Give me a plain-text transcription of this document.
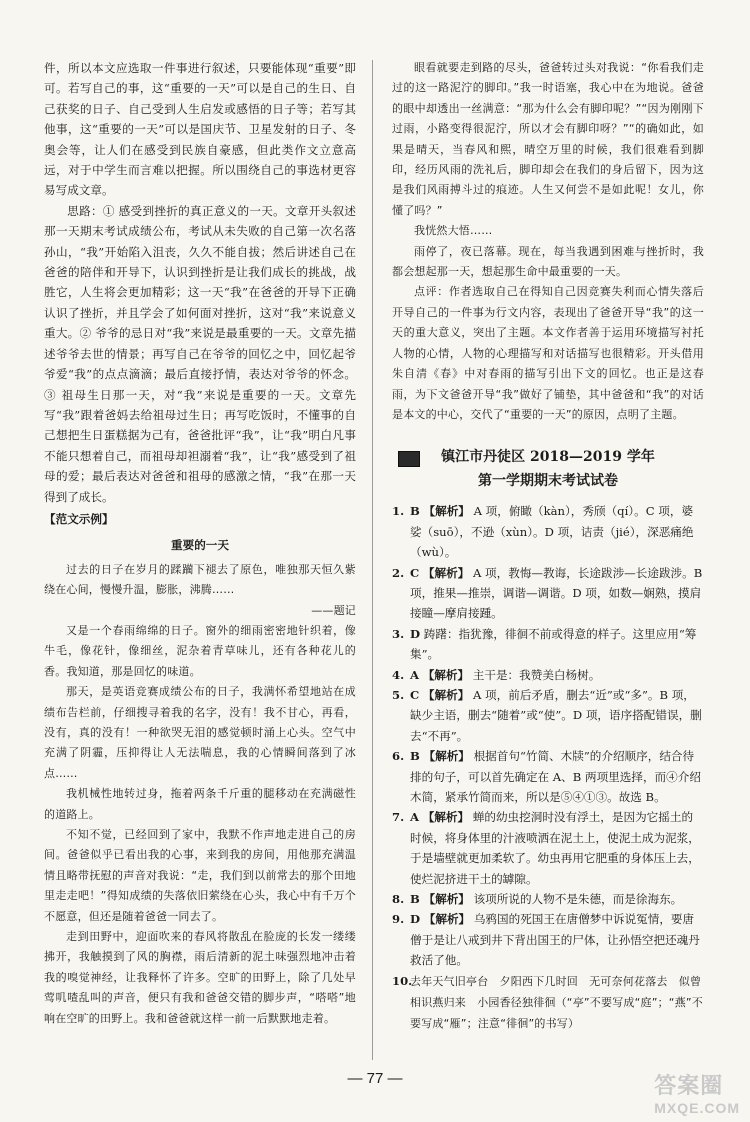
件，所以本文应选取一件事进行叙述，只要能体现“重要”即可。若写自己的事，这“重要的一天”可以是自己的生日、自己获奖的日子、自己受到人生启发或感悟的日子等；若写其他事，这“重要的一天”可以是国庆节、卫星发射的日子、冬奥会等，让人们在感受到民族自豪感，但此类作文立意高远，对于中学生而言难以把握。所以围绕自己的事选材更容易写成文章。

思路：① 感受到挫折的真正意义的一天。文章开头叙述那一天期末考试成绩公布，考试从未失败的自己第一次名落孙山，“我”开始陷入沮丧，久久不能自拔；然后讲述自己在爸爸的陪伴和开导下，认识到挫折是让我们成长的挑战，战胜它，人生将会更加精彩；这一天“我”在爸爸的开导下正确认识了挫折，并且学会了如何面对挫折，这对“我”来说意义重大。② 爷爷的忌日对“我”来说是最重要的一天。文章先描述爷爷去世的情景；再写自己在爷爷的回忆之中，回忆起爷爷爱“我”的点点滴滴；最后直接抒情，表达对爷爷的怀念。③ 祖母生日那一天，对“我”来说是重要的一天。文章先写“我”跟着爸妈去给祖母过生日；再写吃饭时，不懂事的自己想把生日蛋糕据为己有，爸爸批评“我”，让“我”明白凡事不能只想着自己，而祖母却袒溺着“我”，让“我”感受到了祖母的爱；最后表达对爸爸和祖母的感激之情，“我”在那一天得到了成长。

【范文示例】

重要的一天

过去的日子在岁月的蹂躏下褪去了原色，唯独那天恒久紫绕在心间，慢慢升温，膨胀，沸腾……

——题记

又是一个春雨绵绵的日子。窗外的细雨密密地针织着，像牛毛，像花针，像细丝，泥杂着青草味儿，还有各种花儿的香。我知道，那是回忆的味道。

那天，是英语竞赛成绩公布的日子，我满怀希望地站在成绩布告栏前，仔细搜寻着我的名字，没有！我不甘心，再看，没有，真的没有！一种欲哭无泪的感觉顿时涌上心头。空气中充满了阴霾，压抑得让人无法喘息，我的心情瞬间落到了冰点……

我机械性地转过身，拖着两条千斤重的腿移动在充满磁性的道路上。

不知不觉，已经回到了家中，我默不作声地走进自己的房间。爸爸似乎已看出我的心事，来到我的房间，用他那充满温情且略带抚慰的声音对我说：“走，我们到以前常去的那个田地里走走吧！”得知成绩的失落依旧萦绕在心头，我心中有千万个不愿意，但还是随着爸爸一同去了。

走到田野中，迎面吹来的春风将散乱在脸庞的长发一缕缕拂开，我触摸到了风的胸襟，雨后清新的泥土味强烈地冲击着我的嗅觉神经，让我释怀了许多。空旷的田野上，除了几处早莺叽喳乱叫的声音，便只有我和爸爸交错的脚步声，“嗒嗒”地响在空旷的田野上。我和爸爸就这样一前一后默默地走着。

眼看就要走到路的尽头，爸爸转过头对我说：“你看我们走过的这一路泥泞的脚印。”我一时语塞，我心中在为地说。爸爸的眼中却透出一丝满意：“那为什么会有脚印呢？”“因为刚刚下过雨，小路变得很泥泞，所以才会有脚印呀？”“的确如此，如果是晴天，当春风和熙，晴空万里的时候，我们很难看到脚印，经历风雨的洗礼后，脚印却会在我们的身后留下，因为这是我们风雨搏斗过的痕迹。人生又何尝不是如此呢！女儿，你懂了吗？”

我恍然大悟……

雨停了，夜已落幕。现在，每当我遇到困难与挫折时，我都会想起那一天，想起那生命中最重要的一天。

点评：作者选取自己在得知自己因竞赛失利而心情失落后开导自己的一件事为行文内容，表现出了爸爸开导“我”的这一天的重大意义，突出了主题。本文作者善于运用环境描写衬托人物的心情，人物的心理描写和对话描写也很精彩。开头借用朱自清《春》中对春雨的描写引出下文的回忆。也正是这春雨，为下文爸爸开导“我”做好了铺垫，其中爸爸和“我”的对话是本文的中心，交代了“重要的一天”的原因，点明了主题。

镇江市丹徒区 2018—2019 学年
第一学期期末考试试卷
1. B 【解析】 A 项，俯瞰（kàn），秀颀（qí）。C 项，婆娑（suō），不逊（xùn）。D 项，诘责（jié），深恶痛绝（wù）。
2. C 【解析】 A 项，教悔—教诲，长途跋涉—长途跋涉。B 项，推果—推崇，调谐—调谐。D 项，如数—娴熟，摸肩接瞳—摩肩接踵。
3. D 踌躇：指犹豫，徘徊不前或得意的样子。这里应用“筹集”。
4. A 【解析】 主干是：我赞美白杨树。
5. C 【解析】 A 项，前后矛盾，删去“近”或“多”。B 项，缺少主语，删去“随着”或“使”。D 项，语序搭配错误，删去“不再”。
6. B 【解析】 根据首句“竹简、木牍”的介绍顺序，结合待排的句子，可以首先确定在 A、B 两项里选择，而④介绍木简，紧承竹简而来，所以是⑤④①③。故选 B。
7. A 【解析】 蝉的幼虫挖洞时没有浮土，是因为它摇土的时候，将身体里的汁液喷洒在泥土上，使泥土成为泥浆，于是墙壁就更加柔软了。幼虫再用它肥重的身体压上去，使烂泥挤进干土的罅隙。
8. B 【解析】 该项所说的人物不是朱德，而是徐海东。
9. D 【解析】 乌鸦国的死国王在唐僧梦中诉说冤情，要唐僧于是让八戒到井下背出国王的尸体，让孙悟空把还魂丹救活了他。
10.
去年天气旧亭台　夕阳西下几时回　无可奈何花落去　似曾相识燕归来　小园香径独徘徊（“亭”不要写成“庭”；“燕”不要写成“雁”；注意“徘徊”的书写）
— 77 —	答案圈
MXQE.COM
